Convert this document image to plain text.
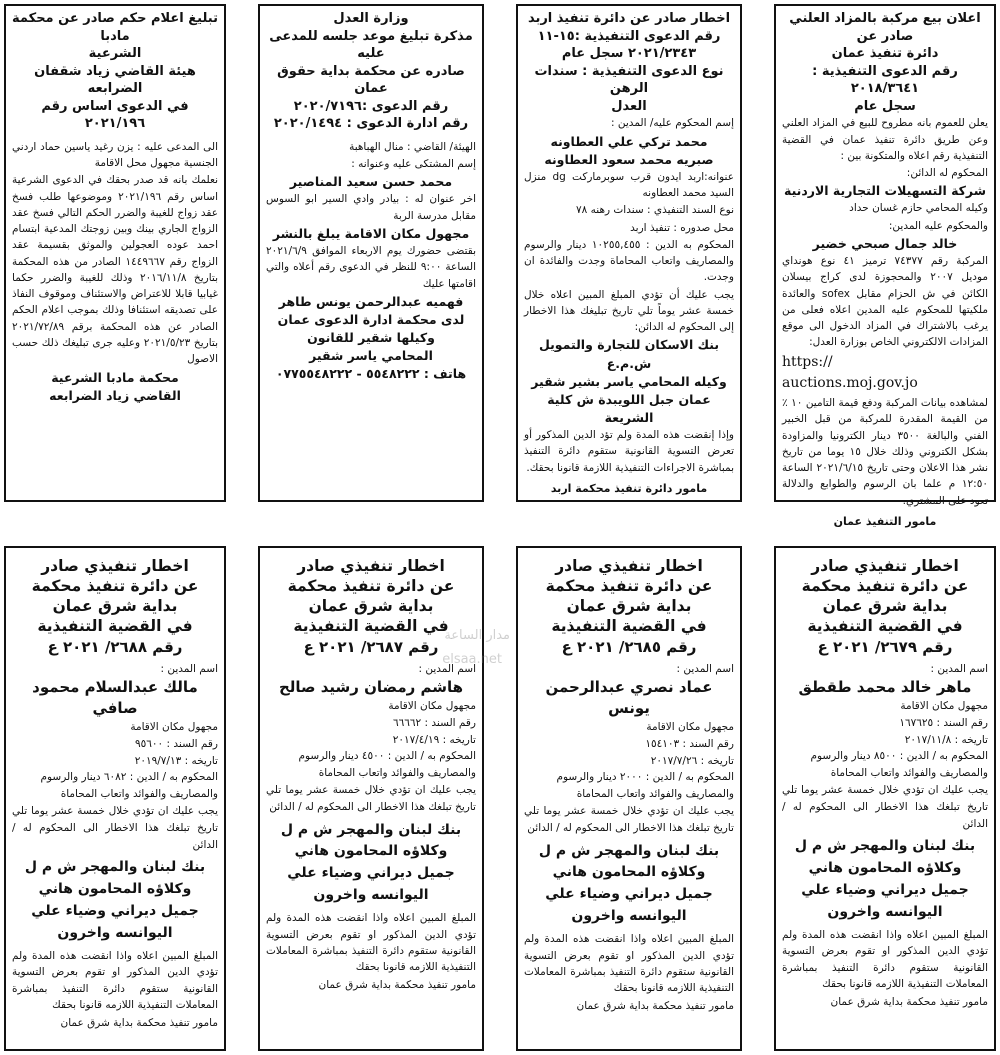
اعلان بيع مركبة بالمزاد العلني صادر عن
دائرة تنفيذ عمان
رقم الدعوى التنفيذية : ٢٠١٨/٣٦٤١
سجل عام
يعلن للعموم بانه مطروح للبيع في المزاد العلني وعن طريق دائرة تنفيذ عمان في القضية التنفيذية رقم اعلاه والمتكونة بين :
المحكوم له الدائن:
شركة التسهيلات التجارية الاردنية
وكيله المحامي حازم غسان حداد
والمحكوم عليه المدين:
خالد جمال صبحي خضير
المركبة رقم ٧٤٣٧٧ ترميز ٤١ نوع هونداي موديل ٢٠٠٧ والمحجوزة لدى كراج بيسلان الكائن في ش الحزام مقابل sofex والعائدة ملكيتها للمحكوم عليه المدين اعلاه فعلى من يرغب بالاشتراك في المزاد الدخول الى موقع المزادات الالكتروني الخاص بوزارة العدل:
https://
auctions.moj.gov.jo
لمشاهده بيانات المركبة ودفع قيمة التامين ١٠ ٪ من القيمة المقدرة للمركبة من قبل الخبير الفني والبالغة ٣٥٠٠ دينار الكترونيا والمزاودة بشكل الكتروني وذلك خلال ١٥ يوما من تاريخ نشر هذا الاعلان وحتى تاريخ ٢٠٢١/٦/١٥ الساعة ١٢:٥٠ م علما بان الرسوم والطوابع والدلالة تعود على المشتري.
مامور التنفيذ عمان
اخطار صادر عن دائرة تنفيذ اربد
رقم الدعوى التنفيذية :١٥-١١
٢٠٢١/٢٣٤٣ سجل عام
نوع الدعوى التنفيذية : سندات الرهن
العدل
إسم المحكوم عليه/ المدين :
محمد تركي علي العطاونه
صبريه محمد سعود العطاونه
عنوانه:اربد ايدون قرب سوبرماركت dg منزل السيد محمد العطاونه
نوع السند التنفيذي : سندات رهنه ٧٨
محل صدوره : تنفيذ اربد
المحكوم به الدين : ١٠٢٥٥,٤٥٥ دينار والرسوم والمصاريف واتعاب المحاماة وجدت والفائدة ان وجدت.
يجب عليك أن تؤدي المبلغ المبين اعلاه خلال خمسة عشر يوماً تلي تاريخ تبليغك هذا الاخطار إلى المحكوم له الدائن:
بنك الاسكان للتجارة والتمويل ش.م.ع
وكيله المحامي ياسر بشير شقير
عمان جبل اللويبدة ش كلية الشريعة
وإذا إنقضت هذه المدة ولم تؤد الدين المذكور أو تعرض التسوية القانونية ستقوم دائرة التنفيذ بمباشرة الاجراءات التنفيذية اللازمة قانونا بحقك.
مامور دائرة تنفيذ محكمة اربد
وزارة العدل
مذكرة تبليغ موعد جلسه للمدعى عليه
صادره عن محكمة بداية حقوق عمان
رقم الدعوى :٢٠٢٠/٧١٩٦
رقم ادارة الدعوى : ٢٠٢٠/١٤٩٤
الهيئة/ القاضي : منال الهباهبة
إسم المشتكى عليه وعنوانه :
محمد حسن سعيد المناصير
اخر عنوان له : بيادر وادي السير ابو السوس مقابل مدرسة الربة
مجهول مكان الاقامة يبلغ بالنشر
بقتضى حضورك يوم الاربعاء الموافق ٢٠٢١/٦/٩ الساعة ٩:٠٠ للنظر في الدعوى رقم أعلاه والتي اقامتها عليك
فهميه عبدالرحمن يونس طاهر
لدى محكمة ادارة الدعوى عمان
وكيلها شقير للقانون
المحامي ياسر شقير
هاتف : ٥٥٤٨٢٢٢ - ٠٧٧٥٥٤٨٢٢٢
تبليغ اعلام حكم صادر عن محكمة مادبا
الشرعية
هيئة القاضي زياد شقفان الضرابعه
في الدعوى اساس رقم ٢٠٢١/١٩٦
الى المدعى عليه : يزن رغيد ياسين حماد اردني الجنسية مجهول محل الاقامة
نعلمك بانه قد صدر بحقك في الدعوى الشرعية اساس رقم ٢٠٢١/١٩٦ وموضوعها طلب فسخ عقد زواج للغيبة والضرر الحكم التالي فسخ عقد الزواج الجاري بينك وبين زوجتك المدعية ابتسام احمد عوده العجولين والموثق بقسيمة عقد الزواج رقم ١٤٤٩٦٦٧ الصادر من هذه المحكمة بتاريخ ٢٠١٦/١١/٨ وذلك للغيبة والضرر حكما غيابيا قابلا للاعتراض والاستئناف وموقوف النفاذ على تصديقه استئنافا وذلك بموجب اعلام الحكم الصادر عن هذه المحكمة برقم ٢٠٢١/٧٢/٨٩ بتاريخ ٢٠٢١/٥/٢٣ وعليه جرى تبليغك ذلك حسب الاصول
محكمة مادبا الشرعية
القاضي زياد الضرابعه
اخطار تنفيذي صادر
عن دائرة تنفيذ محكمة
بداية شرق عمان
في القضية التنفيذية
رقم ٢٦٧٩/ ٢٠٢١ ع
اسم المدين :
ماهر خالد محمد طقطق
مجهول مكان الاقامة
رقم السند : ١٦٧٦٢٥
تاريخه : ٢٠١٧/١١/٨
المحكوم به / الدين : ٨٥٠٠ دينار والرسوم
والمصاريف والفوائد واتعاب المحاماة
يجب عليك ان تؤدي خلال خمسة عشر يوما تلي تاريخ تبلغك هذا الاخطار الى المحكوم له / الدائن
بنك لبنان والمهجر ش م ل
وكلاؤه المحامون هاني
جميل ديراني وضياء علي
اليوانسه واخرون
المبلغ المبين اعلاه واذا انقضت هذه المدة ولم تؤدي الدين المذكور او تقوم بعرض التسوية القانونية ستقوم دائرة التنفيذ بمباشرة المعاملات التنفيذية اللازمه قانونا بحقك
مامور تنفيذ محكمة بداية شرق عمان
اخطار تنفيذي صادر
عن دائرة تنفيذ محكمة
بداية شرق عمان
في القضية التنفيذية
رقم ٢٦٨٥/ ٢٠٢١ ع
اسم المدين :
عماد نصري عبدالرحمن يونس
مجهول مكان الاقامة
رقم السند : ١٥٤١٠٣
تاريخه : ٢٠١٧/٧/٢٦
المحكوم به / الدين : ٢٠٠٠ دينار والرسوم
والمصاريف والفوائد واتعاب المحاماة
يجب عليك ان تؤدي خلال خمسة عشر يوما تلي تاريخ تبلغك هذا الاخطار الى المحكوم له / الدائن
بنك لبنان والمهجر ش م ل
وكلاؤه المحامون هاني
جميل ديراني وضياء علي
اليوانسه واخرون
المبلغ المبين اعلاه واذا انقضت هذه المدة ولم تؤدي الدين المذكور او تقوم بعرض التسوية القانونية ستقوم دائرة التنفيذ بمباشرة المعاملات التنفيذية اللازمه قانونا بحقك
مامور تنفيذ محكمة بداية شرق عمان
اخطار تنفيذي صادر
عن دائرة تنفيذ محكمة
بداية شرق عمان
في القضية التنفيذية
رقم ٢٦٨٧/ ٢٠٢١ ع
اسم المدين :
هاشم رمضان رشيد صالح
مجهول مكان الاقامة
رقم السند : ٦٦٦٦٢
تاريخه : ٢٠١٧/٤/١٩
المحكوم به / الدين : ٤٥٠٠ دينار والرسوم
والمصاريف والفوائد واتعاب المحاماة
يجب عليك ان تؤدي خلال خمسة عشر يوما تلي تاريخ تبلغك هذا الاخطار الى المحكوم له / الدائن
بنك لبنان والمهجر ش م ل
وكلاؤه المحامون هاني
جميل ديراني وضياء علي
اليوانسه واخرون
المبلغ المبين اعلاه واذا انقضت هذه المدة ولم تؤدي الدين المذكور او تقوم بعرض التسوية القانونية ستقوم دائرة التنفيذ بمباشرة المعاملات التنفيذية اللازمه قانونا بحقك
مامور تنفيذ محكمة بداية شرق عمان
اخطار تنفيذي صادر
عن دائرة تنفيذ محكمة
بداية شرق عمان
في القضية التنفيذية
رقم ٢٦٨٨/ ٢٠٢١ ع
اسم المدين :
مالك عبدالسلام محمود صافي
مجهول مكان الاقامة
رقم السند : ٩٥٦٠٠
تاريخه : ٢٠١٩/٧/١٣
المحكوم به / الدين : ٦٠٨٢ دينار والرسوم
والمصاريف والفوائد واتعاب المحاماة
يجب عليك ان تؤدي خلال خمسة عشر يوما تلي تاريخ تبلغك هذا الاخطار الى المحكوم له / الدائن
بنك لبنان والمهجر ش م ل
وكلاؤه المحامون هاني
جميل ديراني وضياء علي
اليوانسه واخرون
المبلغ المبين اعلاه واذا انقضت هذه المدة ولم تؤدي الدين المذكور او تقوم بعرض التسوية القانونية ستقوم دائرة التنفيذ بمباشرة المعاملات التنفيذية اللازمه قانونا بحقك
مامور تنفيذ محكمة بداية شرق عمان
مدار الساعة
elsaa.net
